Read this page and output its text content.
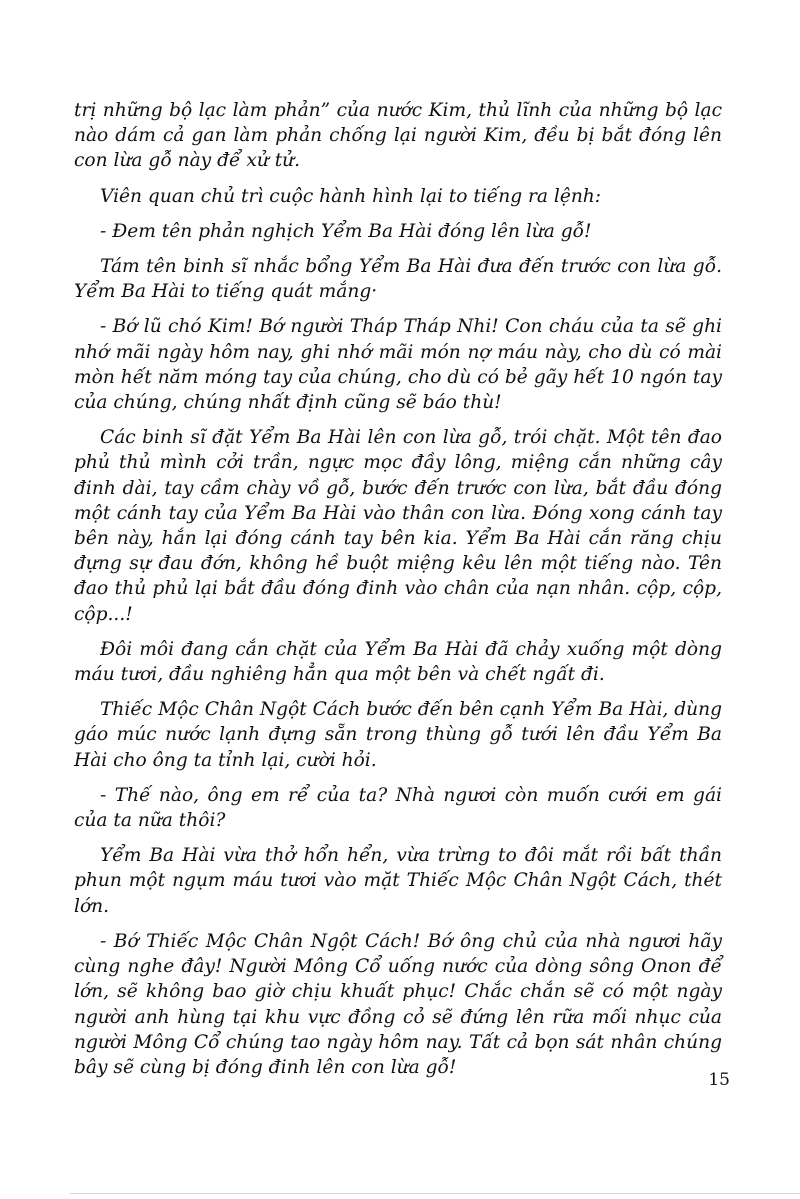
trị những bộ lạc làm phản” của nước Kim, thủ lĩnh của những bộ lạc nào dám cả gan làm phản chống lại người Kim, đều bị bắt đóng lên con lừa gỗ này để xử tử.

Viên quan chủ trì cuộc hành hình lại to tiếng ra lệnh:

- Đem tên phản nghịch Yểm Ba Hài đóng lên lừa gỗ!

Tám tên binh sĩ nhắc bổng Yểm Ba Hài đưa đến trước con lừa gỗ. Yểm Ba Hài to tiếng quát mắng·

- Bớ lũ chó Kim! Bớ người Tháp Tháp Nhi! Con cháu của ta sẽ ghi nhớ mãi ngày hôm nay, ghi nhớ mãi món nợ máu này, cho dù có mài mòn hết năm móng tay của chúng, cho dù có bẻ gãy hết 10 ngón tay của chúng, chúng nhất định cũng sẽ báo thù!

Các binh sĩ đặt Yểm Ba Hài lên con lừa gỗ, trói chặt. Một tên đao phủ thủ mình cởi trần, ngực mọc đầy lông, miệng cắn những cây đinh dài, tay cầm chày vồ gỗ, bước đến trước con lừa, bắt đầu đóng một cánh tay của Yểm Ba Hài vào thân con lừa. Đóng xong cánh tay bên này, hắn lại đóng cánh tay bên kia. Yểm Ba Hài cắn răng chịu đựng sự đau đớn, không hề buột miệng kêu lên một tiếng nào. Tên đao thủ phủ lại bắt đầu đóng đinh vào chân của nạn nhân. cộp, cộp, cộp...!

Đôi môi đang cắn chặt của Yểm Ba Hài đã chảy xuống một dòng máu tươi, đầu nghiêng hẳn qua một bên và chết ngất đi.

Thiếc Mộc Chân Ngột Cách bước đến bên cạnh Yểm Ba Hài, dùng gáo múc nước lạnh đựng sẵn trong thùng gỗ tưới lên đầu Yểm Ba Hài cho ông ta tỉnh lại, cười hỏi.

- Thế nào, ông em rể của ta? Nhà ngươi còn muốn cưới em gái của ta nữa thôi?

Yểm Ba Hài vừa thở hổn hển, vừa trừng to đôi mắt rồi bất thần phun một ngụm máu tươi vào mặt Thiếc Mộc Chân Ngột Cách, thét lớn.

- Bớ Thiếc Mộc Chân Ngột Cách! Bớ ông chủ của nhà ngươi hãy cùng nghe đây! Người Mông Cổ uống nước của dòng sông Onon để lớn, sẽ không bao giờ chịu khuất phục! Chắc chắn sẽ có một ngày người anh hùng tại khu vực đồng cỏ sẽ đứng lên rữa mối nhục của người Mông Cổ chúng tao ngày hôm nay. Tất cả bọn sát nhân chúng bây sẽ cùng bị đóng đinh lên con lừa gỗ!

15
